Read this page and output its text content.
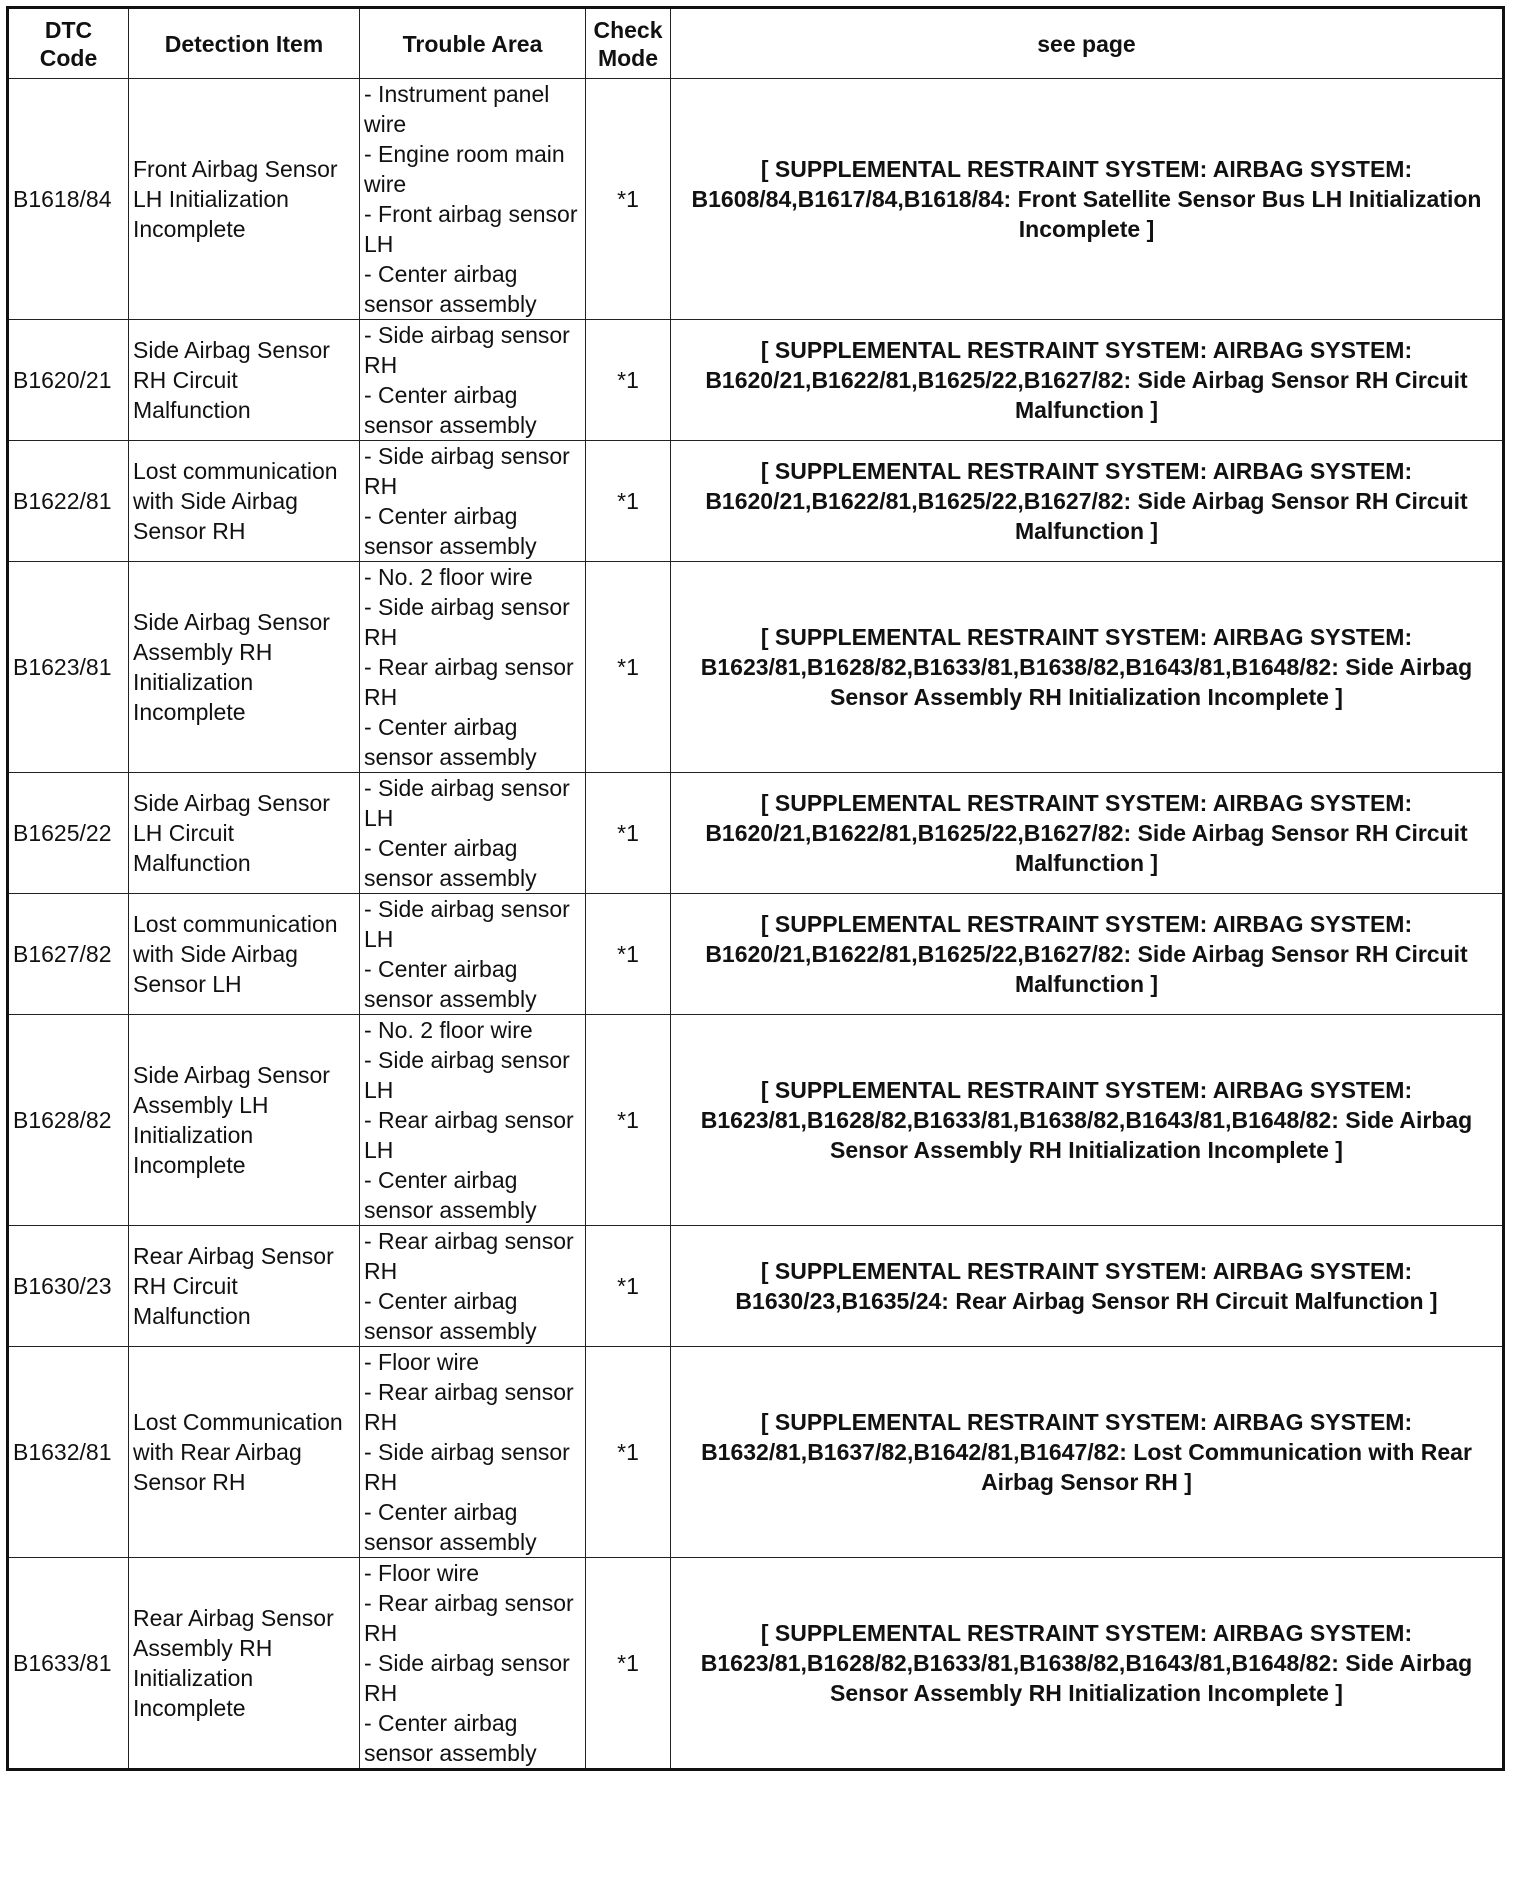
DTC Code	Detection Item	Trouble Area	Check Mode	see page
B1618/84	Front Airbag Sensor LH Initialization Incomplete	- Instrument panel wire
- Engine room main wire
- Front airbag sensor LH
- Center airbag sensor assembly	*1	[ SUPPLEMENTAL RESTRAINT SYSTEM: AIRBAG SYSTEM: B1608/84,B1617/84,B1618/84: Front Satellite Sensor Bus LH Initialization Incomplete ]
B1620/21	Side Airbag Sensor RH Circuit Malfunction	- Side airbag sensor RH
- Center airbag sensor assembly	*1	[ SUPPLEMENTAL RESTRAINT SYSTEM: AIRBAG SYSTEM: B1620/21,B1622/81,B1625/22,B1627/82: Side Airbag Sensor RH Circuit Malfunction ]
B1622/81	Lost communication with Side Airbag Sensor RH	- Side airbag sensor RH
- Center airbag sensor assembly	*1	[ SUPPLEMENTAL RESTRAINT SYSTEM: AIRBAG SYSTEM: B1620/21,B1622/81,B1625/22,B1627/82: Side Airbag Sensor RH Circuit Malfunction ]
B1623/81	Side Airbag Sensor Assembly RH Initialization Incomplete	- No. 2 floor wire
- Side airbag sensor RH
- Rear airbag sensor RH
- Center airbag sensor assembly	*1	[ SUPPLEMENTAL RESTRAINT SYSTEM: AIRBAG SYSTEM: B1623/81,B1628/82,B1633/81,B1638/82,B1643/81,B1648/82: Side Airbag Sensor Assembly RH Initialization Incomplete ]
B1625/22	Side Airbag Sensor LH Circuit Malfunction	- Side airbag sensor LH
- Center airbag sensor assembly	*1	[ SUPPLEMENTAL RESTRAINT SYSTEM: AIRBAG SYSTEM: B1620/21,B1622/81,B1625/22,B1627/82: Side Airbag Sensor RH Circuit Malfunction ]
B1627/82	Lost communication with Side Airbag Sensor LH	- Side airbag sensor LH
- Center airbag sensor assembly	*1	[ SUPPLEMENTAL RESTRAINT SYSTEM: AIRBAG SYSTEM: B1620/21,B1622/81,B1625/22,B1627/82: Side Airbag Sensor RH Circuit Malfunction ]
B1628/82	Side Airbag Sensor Assembly LH Initialization Incomplete	- No. 2 floor wire
- Side airbag sensor LH
- Rear airbag sensor LH
- Center airbag sensor assembly	*1	[ SUPPLEMENTAL RESTRAINT SYSTEM: AIRBAG SYSTEM: B1623/81,B1628/82,B1633/81,B1638/82,B1643/81,B1648/82: Side Airbag Sensor Assembly RH Initialization Incomplete ]
B1630/23	Rear Airbag Sensor RH Circuit Malfunction	- Rear airbag sensor RH
- Center airbag sensor assembly	*1	[ SUPPLEMENTAL RESTRAINT SYSTEM: AIRBAG SYSTEM: B1630/23,B1635/24: Rear Airbag Sensor RH Circuit Malfunction ]
B1632/81	Lost Communication with Rear Airbag Sensor RH	- Floor wire
- Rear airbag sensor RH
- Side airbag sensor RH
- Center airbag sensor assembly	*1	[ SUPPLEMENTAL RESTRAINT SYSTEM: AIRBAG SYSTEM: B1632/81,B1637/82,B1642/81,B1647/82: Lost Communication with Rear Airbag Sensor RH ]
B1633/81	Rear Airbag Sensor Assembly RH Initialization Incomplete	- Floor wire
- Rear airbag sensor RH
- Side airbag sensor RH
- Center airbag sensor assembly	*1	[ SUPPLEMENTAL RESTRAINT SYSTEM: AIRBAG SYSTEM: B1623/81,B1628/82,B1633/81,B1638/82,B1643/81,B1648/82: Side Airbag Sensor Assembly RH Initialization Incomplete ]
